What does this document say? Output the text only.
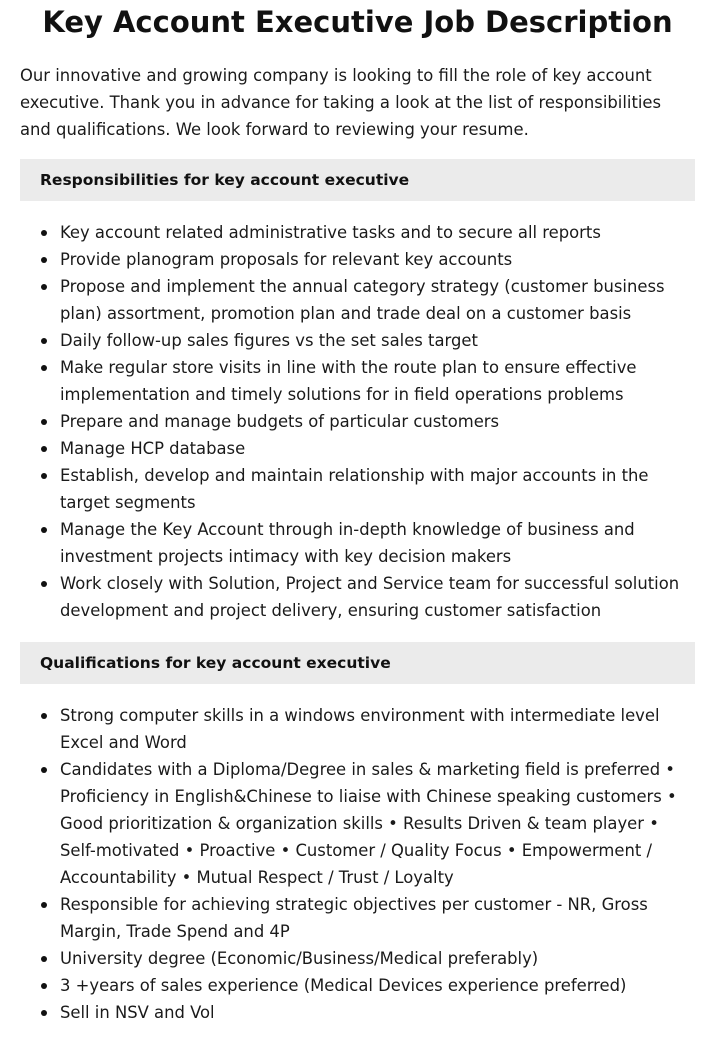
Key Account Executive Job Description

Our innovative and growing company is looking to fill the role of key account executive. Thank you in advance for taking a look at the list of responsibilities and qualifications. We look forward to reviewing your resume.

Responsibilities for key account executive
Key account related administrative tasks and to secure all reports
Provide planogram proposals for relevant key accounts
Propose and implement the annual category strategy (customer business plan) assortment, promotion plan and trade deal on a customer basis
Daily follow-up sales figures vs the set sales target
Make regular store visits in line with the route plan to ensure effective implementation and timely solutions for in field operations problems
Prepare and manage budgets of particular customers
Manage HCP database
Establish, develop and maintain relationship with major accounts in the target segments
Manage the Key Account through in-depth knowledge of business and investment projects intimacy with key decision makers
Work closely with Solution, Project and Service team for successful solution development and project delivery, ensuring customer satisfaction
Qualifications for key account executive
Strong computer skills in a windows environment with intermediate level Excel and Word
Candidates with a Diploma/Degree in sales & marketing field is preferred • Proficiency in English&Chinese to liaise with Chinese speaking customers • Good prioritization & organization skills • Results Driven & team player • Self-motivated • Proactive • Customer / Quality Focus • Empowerment / Accountability • Mutual Respect / Trust / Loyalty
Responsible for achieving strategic objectives per customer - NR, Gross Margin, Trade Spend and 4P
University degree (Economic/Business/Medical preferably)
3 +years of sales experience (Medical Devices experience preferred)
Sell in NSV and Vol
